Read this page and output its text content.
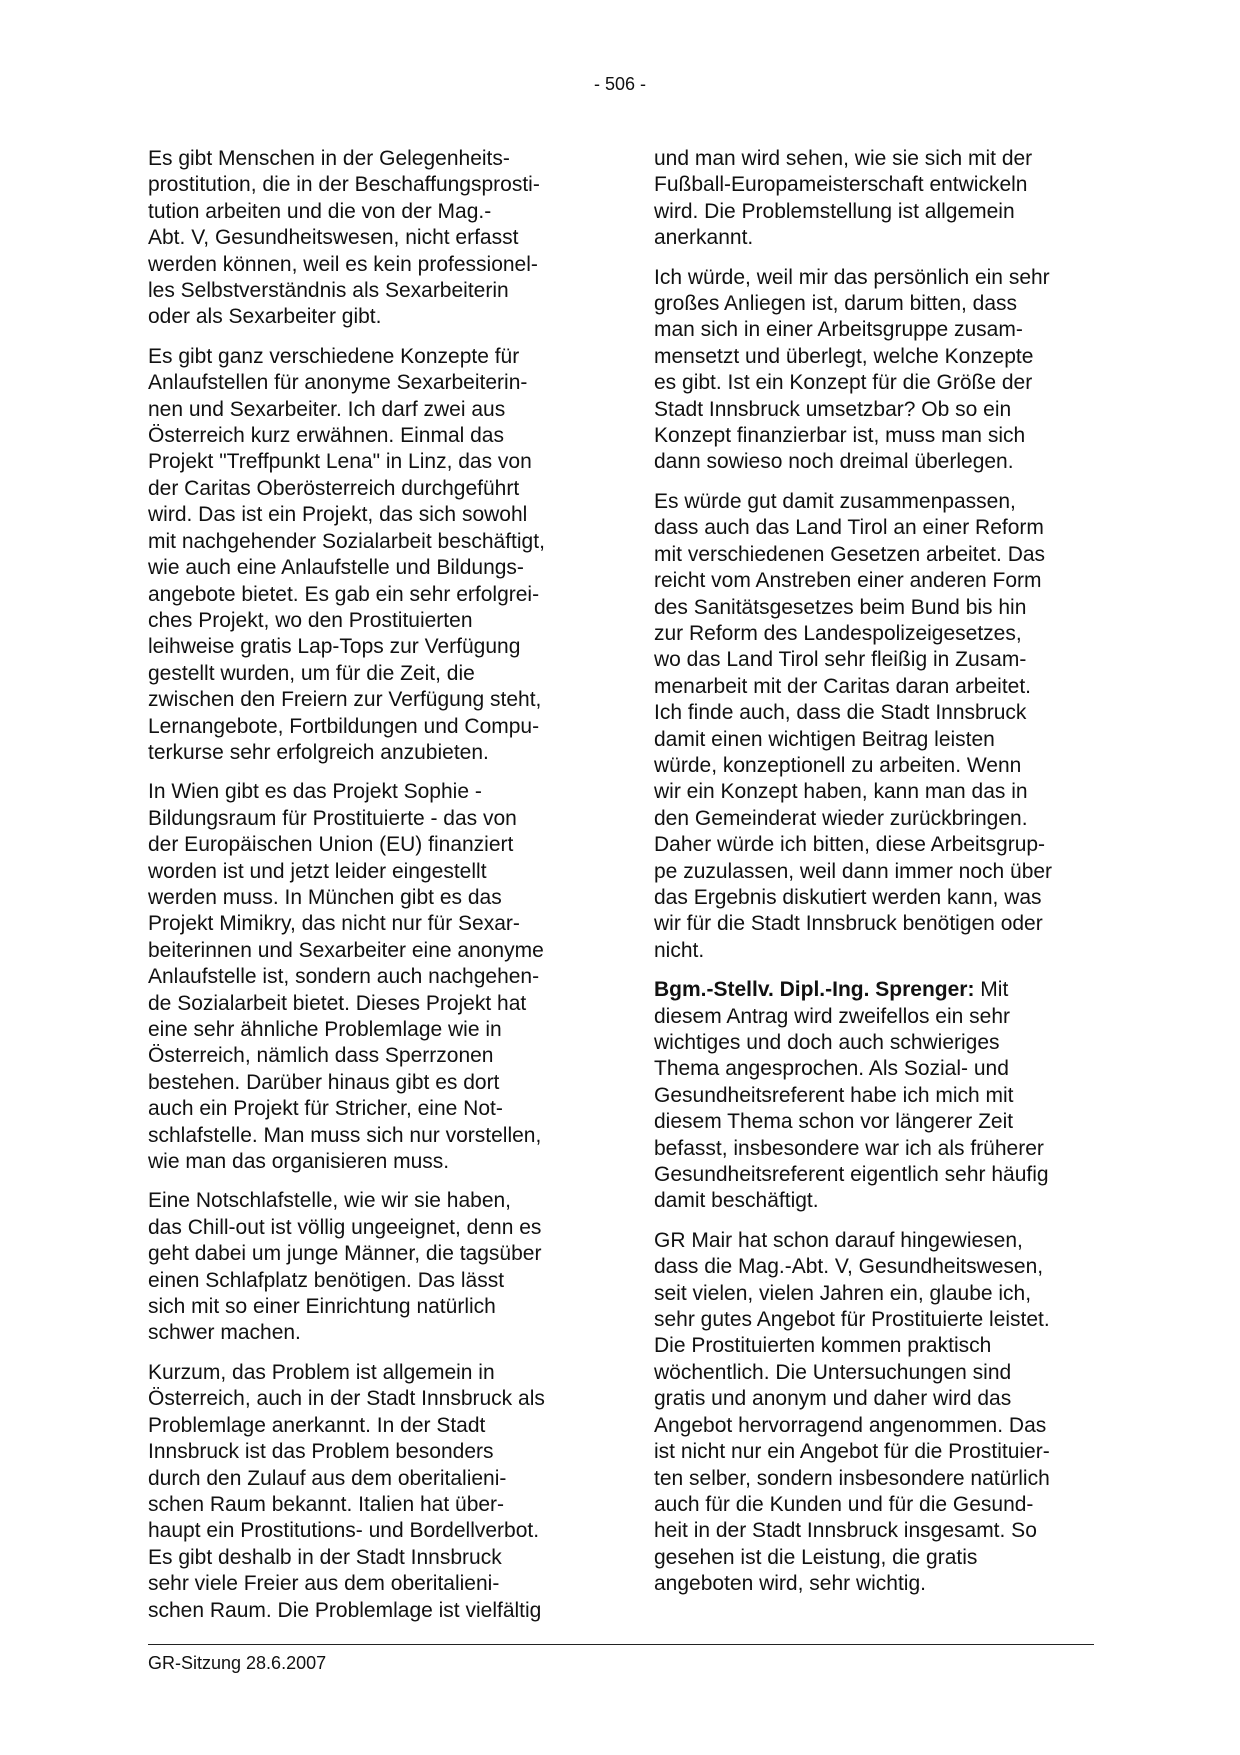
- 506 -

Es gibt Menschen in der Gelegenheits-
prostitution, die in der Beschaffungsprosti-
tution arbeiten und die von der Mag.-
Abt. V, Gesundheitswesen, nicht erfasst
werden können, weil es kein professionel-
les Selbstverständnis als Sexarbeiterin
oder als Sexarbeiter gibt.

Es gibt ganz verschiedene Konzepte für
Anlaufstellen für anonyme Sexarbeiterin-
nen und Sexarbeiter. Ich darf zwei aus
Österreich kurz erwähnen. Einmal das
Projekt "Treffpunkt Lena" in Linz, das von
der Caritas Oberösterreich durchgeführt
wird. Das ist ein Projekt, das sich sowohl
mit nachgehender Sozialarbeit beschäftigt,
wie auch eine Anlaufstelle und Bildungs-
angebote bietet. Es gab ein sehr erfolgrei-
ches Projekt, wo den Prostituierten
leihweise gratis Lap-Tops zur Verfügung
gestellt wurden, um für die Zeit, die
zwischen den Freiern zur Verfügung steht,
Lernangebote, Fortbildungen und Compu-
terkurse sehr erfolgreich anzubieten.

In Wien gibt es das Projekt Sophie -
Bildungsraum für Prostituierte - das von
der Europäischen Union (EU) finanziert
worden ist und jetzt leider eingestellt
werden muss. In München gibt es das
Projekt Mimikry, das nicht nur für Sexar-
beiterinnen und Sexarbeiter eine anonyme
Anlaufstelle ist, sondern auch nachgehen-
de Sozialarbeit bietet. Dieses Projekt hat
eine sehr ähnliche Problemlage wie in
Österreich, nämlich dass Sperrzonen
bestehen. Darüber hinaus gibt es dort
auch ein Projekt für Stricher, eine Not-
schlafstelle. Man muss sich nur vorstellen,
wie man das organisieren muss.

Eine Notschlafstelle, wie wir sie haben,
das Chill-out ist völlig ungeeignet, denn es
geht dabei um junge Männer, die tagsüber
einen Schlafplatz benötigen. Das lässt
sich mit so einer Einrichtung natürlich
schwer machen.

Kurzum, das Problem ist allgemein in
Österreich, auch in der Stadt Innsbruck als
Problemlage anerkannt. In der Stadt
Innsbruck ist das Problem besonders
durch den Zulauf aus dem oberitalieni-
schen Raum bekannt. Italien hat über-
haupt ein Prostitutions- und Bordellverbot.
Es gibt deshalb in der Stadt Innsbruck
sehr viele Freier aus dem oberitalieni-
schen Raum. Die Problemlage ist vielfältig

und man wird sehen, wie sie sich mit der
Fußball-Europameisterschaft entwickeln
wird. Die Problemstellung ist allgemein
anerkannt.

Ich würde, weil mir das persönlich ein sehr
großes Anliegen ist, darum bitten, dass
man sich in einer Arbeitsgruppe zusam-
mensetzt und überlegt, welche Konzepte
es gibt. Ist ein Konzept für die Größe der
Stadt Innsbruck umsetzbar? Ob so ein
Konzept finanzierbar ist, muss man sich
dann sowieso noch dreimal überlegen.

Es würde gut damit zusammenpassen,
dass auch das Land Tirol an einer Reform
mit verschiedenen Gesetzen arbeitet. Das
reicht vom Anstreben einer anderen Form
des Sanitätsgesetzes beim Bund bis hin
zur Reform des Landespolizeigesetzes,
wo das Land Tirol sehr fleißig in Zusam-
menarbeit mit der Caritas daran arbeitet.
Ich finde auch, dass die Stadt Innsbruck
damit einen wichtigen Beitrag leisten
würde, konzeptionell zu arbeiten. Wenn
wir ein Konzept haben, kann man das in
den Gemeinderat wieder zurückbringen.
Daher würde ich bitten, diese Arbeitsgrup-
pe zuzulassen, weil dann immer noch über
das Ergebnis diskutiert werden kann, was
wir für die Stadt Innsbruck benötigen oder
nicht.

Bgm.-Stellv. Dipl.-Ing. Sprenger: Mit
diesem Antrag wird zweifellos ein sehr
wichtiges und doch auch schwieriges
Thema angesprochen. Als Sozial- und
Gesundheitsreferent habe ich mich mit
diesem Thema schon vor längerer Zeit
befasst, insbesondere war ich als früherer
Gesundheitsreferent eigentlich sehr häufig
damit beschäftigt.

GR Mair hat schon darauf hingewiesen,
dass die Mag.-Abt. V, Gesundheitswesen,
seit vielen, vielen Jahren ein, glaube ich,
sehr gutes Angebot für Prostituierte leistet.
Die Prostituierten kommen praktisch
wöchentlich. Die Untersuchungen sind
gratis und anonym und daher wird das
Angebot hervorragend angenommen. Das
ist nicht nur ein Angebot für die Prostituier-
ten selber, sondern insbesondere natürlich
auch für die Kunden und für die Gesund-
heit in der Stadt Innsbruck insgesamt. So
gesehen ist die Leistung, die gratis
angeboten wird, sehr wichtig.

GR-Sitzung 28.6.2007
